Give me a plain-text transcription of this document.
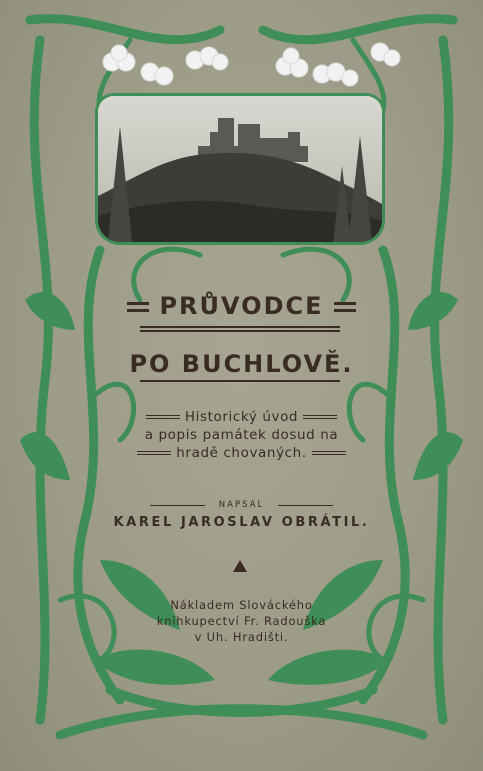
PRŮVODCE
PO BUCHLOVĚ.
Historický úvod
a popis památek dosud na
hradě chovaných.
NAPSAL
KAREL JAROSLAV OBRÁTIL.
Nákladem Slováckého
knihkupectví Fr. Radouška
v Uh. Hradišti.
